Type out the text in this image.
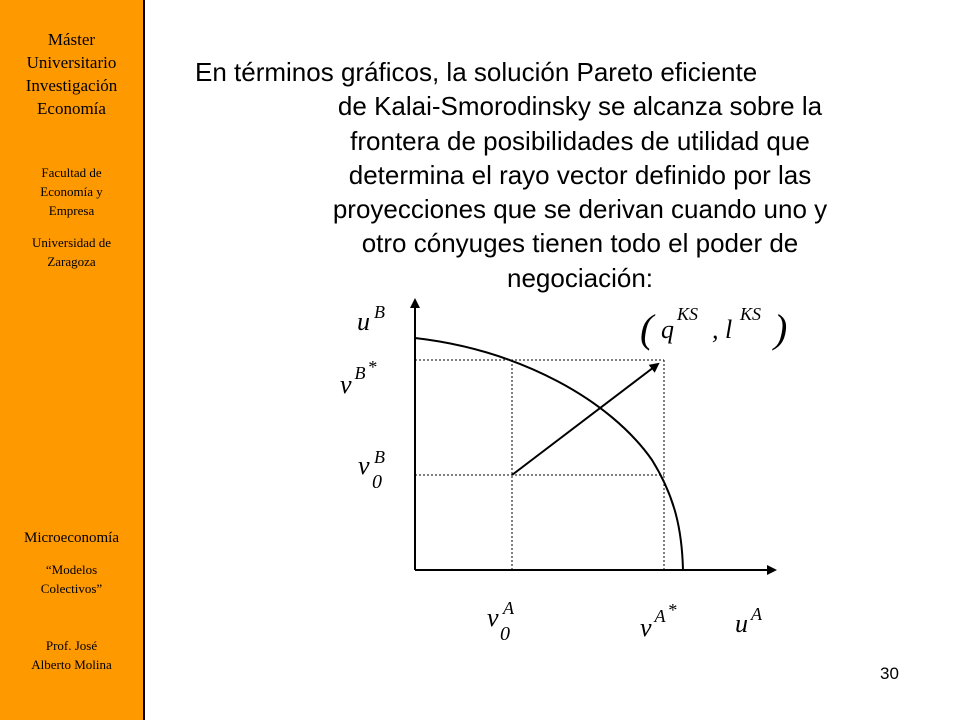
Máster
Universitario
Investigación
Economía
Facultad de
Economía y
Empresa
Universidad de
Zaragoza
Microeconomía
“Modelos
Colectivos”
Prof. José
Alberto Molina
En términos gráficos, la solución Pareto eficiente
de Kalai-Smorodinsky se alcanza sobre la
frontera de posibilidades de utilidad que
determina el rayo vector definido por las
proyecciones que se derivan cuando uno y
otro cónyuges tienen todo el poder de
negociación:
u $^B$
u $^A$
v $^B$ *
v B
0
v A
0	v $^A$ *
( q
KS
, l
KS )
30
